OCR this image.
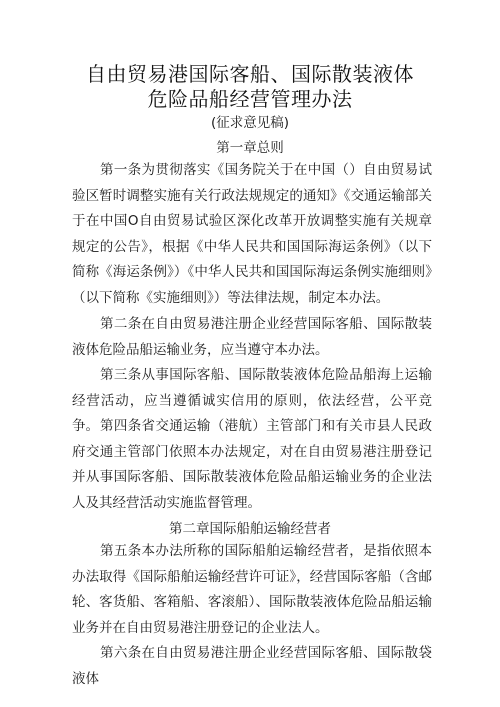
自由贸易港国际客船、国际散装液体
危险品船经营管理办法
(征求意见稿)
第一章总则
第一条为贯彻落实《国务院关于在中国（）自由贸易试验区暂时调整实施有关行政法规规定的通知》《交通运输部关于在中国O自由贸易试验区深化改革开放调整实施有关规章规定的公告》，根据《中华人民共和国国际海运条例》（以下简称《海运条例》）《中华人民共和国国际海运条例实施细则》（以下简称《实施细则》）等法律法规，制定本办法。
第二条在自由贸易港注册企业经营国际客船、国际散装液体危险品船运输业务，应当遵守本办法。
第三条从事国际客船、国际散装液体危险品船海上运输经营活动，应当遵循诚实信用的原则，依法经营，公平竞争。 第四条省交通运输（港航）主管部门和有关市县人民政府交通主管部门依照本办法规定，对在自由贸易港注册登记并从事国际客船、国际散装液体危险品船运输业务的企业法人及其经营活动实施监督管理。
第二章国际船舶运输经营者
第五条本办法所称的国际船舶运输经营者，是指依照本办法取得《国际船舶运输经营许可证》，经营国际客船（含邮轮、客货船、客箱船、客滚船）、国际散装液体危险品船运输业务并在自由贸易港注册登记的企业法人。
第六条在自由贸易港注册企业经营国际客船、国际散袋液体
